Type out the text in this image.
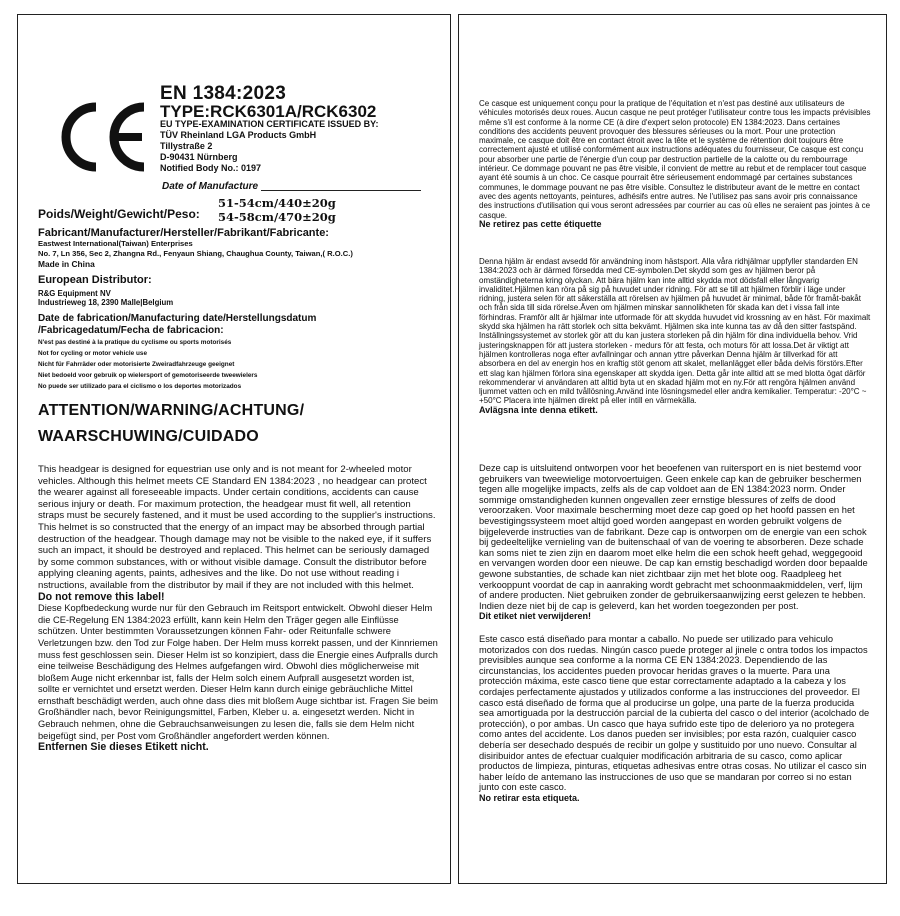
EN 1384:2023
TYPE:RCK6301A/RCK6302
EU TYPE-EXAMINATION CERTIFICATE ISSUED BY:
TÜV Rheinland LGA Products GmbH
Tillystraße 2
D-90431 Nürnberg
Notified Body No.: 0197
Date of Manufacture
Poids/Weight/Gewicht/Peso:
51-54cm/440±20g
54-58cm/470±20g
Fabricant/Manufacturer/Hersteller/Fabrikant/Fabricante:
Eastwest International(Taiwan) Enterprises
No. 7, Ln 356, Sec 2, Zhangna Rd., Fenyaun Shiang, Chaughua County, Taiwan,( R.O.C.)
Made in China
European Distributor:
R&G Equipment NV
Industrieweg 18, 2390 Malle|Belgium
Date de fabrication/Manufacturing date/Herstellungsdatum
/Fabricagedatum/Fecha de fabricacion:
N'est pas destiné à la pratique du cyclisme ou sports motorisés
Not for cycling or motor vehicle use
Nicht für Fahrräder oder motorisierte Zweiradfahrzeuge geeignet
Niet bedoeld voor gebruik op wielersport of gemotoriseerde tweewielers
No puede ser utilizado para el ciclismo o los deportes motorizados
ATTENTION/WARNING/ACHTUNG/
WAARSCHUWING/CUIDADO

This headgear is designed for equestrian use only and is not meant for 2-wheeled motor vehicles. Although this helmet meets CE Standard EN 1384:2023 , no headgear can protect the wearer against all foreseeable impacts. Under certain conditions, accidents can cause serious injury or death. For maximum protection, the headgear must fit well, all retention straps must be securely fastened, and it must be used according to the supplier's instructions. This helmet is so constructed that the energy of an impact may be absorbed through partial destruction of the headgear. Though damage may not be visible to the naked eye, if it suffers such an impact, it should be destroyed and replaced. This helmet can be seriously damaged by some common substances, with or without visible damage. Consult the distributor before applying cleaning agents, paints, adhesives and the like. Do not use without reading i nstructions, available from the distributor by mail if they are not included with this helmet.

Do not remove this label!

Diese Kopfbedeckung wurde nur für den Gebrauch im Reitsport entwickelt. Obwohl dieser Helm die CE-Regelung EN 1384:2023 erfüllt, kann kein Helm den Träger gegen alle Einflüsse schützen. Unter bestimmten Voraussetzungen können Fahr- oder Reitunfalle schwere Verletzungen bzw. den Tod zur Folge haben. Der Helm muss korrekt passen, und der Kinnriemen muss fest geschlossen sein. Dieser Helm ist so konzipiert, dass die Energie eines Aufpralls durch eine teilweise Beschädigung des Helmes aufgefangen wird. Obwohl dies möglicherweise mit bloßem Auge nicht erkennbar ist, falls der Helm solch einem Aufprall ausgesetzt worden ist, sollte er vernichtet und ersetzt werden. Dieser Helm kann durch einige gebräuchliche Mittel ernsthaft beschädigt werden, auch ohne dass dies mit bloßem Auge sichtbar ist. Fragen Sie beim Großhändler nach, bevor Reinigungsmittel, Farben, Kleber u. a. eingesetzt werden. Nicht in Gebrauch nehmen, ohne die Gebrauchsanweisungen zu lesen die, falls sie dem Helm nicht beigefügt sind, per Post vom Großhändler angefordert werden können.

Entfernen Sie dieses Etikett nicht.

Ce casque est uniquement conçu pour la pratique de l'équitation et n'est pas destiné aux utilisateurs de véhicules motorisés deux roues. Aucun casque ne peut protéger l'utilisateur contre tous les impacts prévisibles même s'il est conforme à la norme CE (à dire d'expert selon protocole) EN 1384:2023. Dans certaines conditions des accidents peuvent provoquer des blessures sérieuses ou la mort. Pour une protection maximale, ce casque doit être en contact étroit avec la tête et le système de rétention doit toujours être correctement ajusté et utilisé conformément aux instructions adéquates du fournisseur, Ce casque est conçu pour absorber une partie de l'énergie d'un coup par destruction partielle de la calotte ou du rembourrage intérieur. Ce dommage pouvant ne pas être visible, il convient de mettre au rebut et de remplacer tout casque ayant été soumis à un choc. Ce casque pourrait être sérieusement endommagé par certaines substances communes, le dommage pouvant ne pas être visible. Consultez le distributeur avant de le mettre en contact avec des agents nettoyants, peintures, adhésifs entre autres. Ne l'utilisez pas sans avoir pris connaissance des instructions d'utilisation qui vous seront adressées par courrier au cas où elles ne seraient pas jointes à ce casque.

Ne retirez pas cette étiquette

Denna hjälm är endast avsedd för användning inom hästsport. Alla våra ridhjälmar uppfyller standarden EN 1384:2023 och är därmed försedda med CE-symbolen.Det skydd som ges av hjälmen beror på omständigheterna kring olyckan. Att bära hjälm kan inte alltid skydda mot dödsfall eller långvarig invaliditet.Hjälmen kan röra på sig på huvudet under ridning. För att se till att hjälmen förblir i läge under ridning, justera selen för att säkerställa att rörelsen av hjälmen på huvudet är minimal, både för framåt-bakåt och från sida till sida rörelse.Även om hjälmen minskar sannolikheten för skada kan det i vissa fall inte förhindras. Framför allt är hjälmar inte utformade för att skydda huvudet vid krossning av en häst. För maximalt skydd ska hjälmen ha rätt storlek och sitta bekvämt. Hjälmen ska inte kunna tas av då den sitter fastspänd. Inställningssystemet av storlek gör att du kan justera storleken på din hjälm för dina individuella behov. Vrid justeringsknappen för att justera storleken - medurs för att festa, och moturs för att lossa.Det är viktigt att hjälmen kontrolleras noga efter avfallningar och annan yttre påverkan Denna hjälm är tillverkad för att absorbera en del av energin hos en kraftig stöt genom att skalet, mellanlägget eller båda delvis förstörs.Efter ett slag kan hjälmen förlora sina egenskaper att skydda igen. Detta går inte alltid att se med blotta ögat därför rekommenderar vi användaren att alltid byta ut en skadad hjälm mot en ny.För att rengöra hjälmen använd ljummet vatten och en mild tvållösning.Använd inte lösningsmedel eller andra kemikalier. Temperatur: -20°C ~ +50°C Placera inte hjälmen direkt på eller intill en värmekälla.

Avlägsna inte denna etikett.

Deze cap is uitsluitend ontworpen voor het beoefenen van ruitersport en is niet bestemd voor gebruikers van tweewielige motorvoertuigen. Geen enkele cap kan de gebruiker beschermen tegen alle mogelijke impacts, zelfs als de cap voldoet aan de EN 1384:2023 norm. Onder sommige omstandigheden kunnen ongevallen zeer ernstige blessures of zelfs de dood veroorzaken. Voor maximale bescherming moet deze cap goed op het hoofd passen en het bevestigingssysteem moet altijd goed worden aangepast en worden gebruikt volgens de bijgeleverde instructies van de fabrikant. Deze cap is ontworpen om de energie van een schok bij gedeeltelijke vernieling van de buitenschaal of van de voering te absorberen. Deze schade kan soms niet te zien zijn en daarom moet elke helm die een schok heeft gehad, weggegooid en vervangen worden door een nieuwe. De cap kan ernstig beschadigd worden door bepaalde gewone substanties, de schade kan niet zichtbaar zijn met het blote oog. Raadpleeg het verkooppunt voordat de cap in aanraking wordt gebracht met schoonmaakmiddelen, verf, lijm of andere producten. Niet gebruiken zonder de gebruikersaanwijzing eerst gelezen te hebben. Indien deze niet bij de cap is geleverd, kan het worden toegezonden per post.

Dit etiket niet verwijderen!

Este casco está diseñado para montar a caballo. No puede ser utilizado para vehiculo motorizados con dos ruedas. Ningún casco puede proteger al jinele c ontra todos los impactos previsibles aunque sea conforme a la norma CE EN 1384:2023. Dependiendo de las circunstancias, los accidentes pueden provocar heridas graves o la muerte. Para una protección máxima, este casco tiene que estar correctamente adaptado a la cabeza y los cordajes perfectamente ajustados y utilizados conforme a las instrucciones del proveedor. El casco está diseñado de forma que al producirse un golpe, una parte de la fuerza producida sea amortiguada por la destrucción parcial de la cubierta del casco o del interior (acolchado de protección), o por ambas. Un casco que haya sufrido este tipo de delerioro ya no protegera como antes del accidente. Los danos pueden ser invisibles; por esta razón, cualquier casco debería ser desechado después de recibir un golpe y sustituido por uno nuevo. Consultar al disiribuidor antes de efectuar cualquier modificación arbitraria de su casco, como aplicar productos de limpieza, pinturas, etiquetas adhesivas entre otras cosas. No utilizar el casco sin haber leído de antemano las instrucciones de uso que se mandaran por correo si no estan junto con este casco.

No retirar esta etiqueta.
